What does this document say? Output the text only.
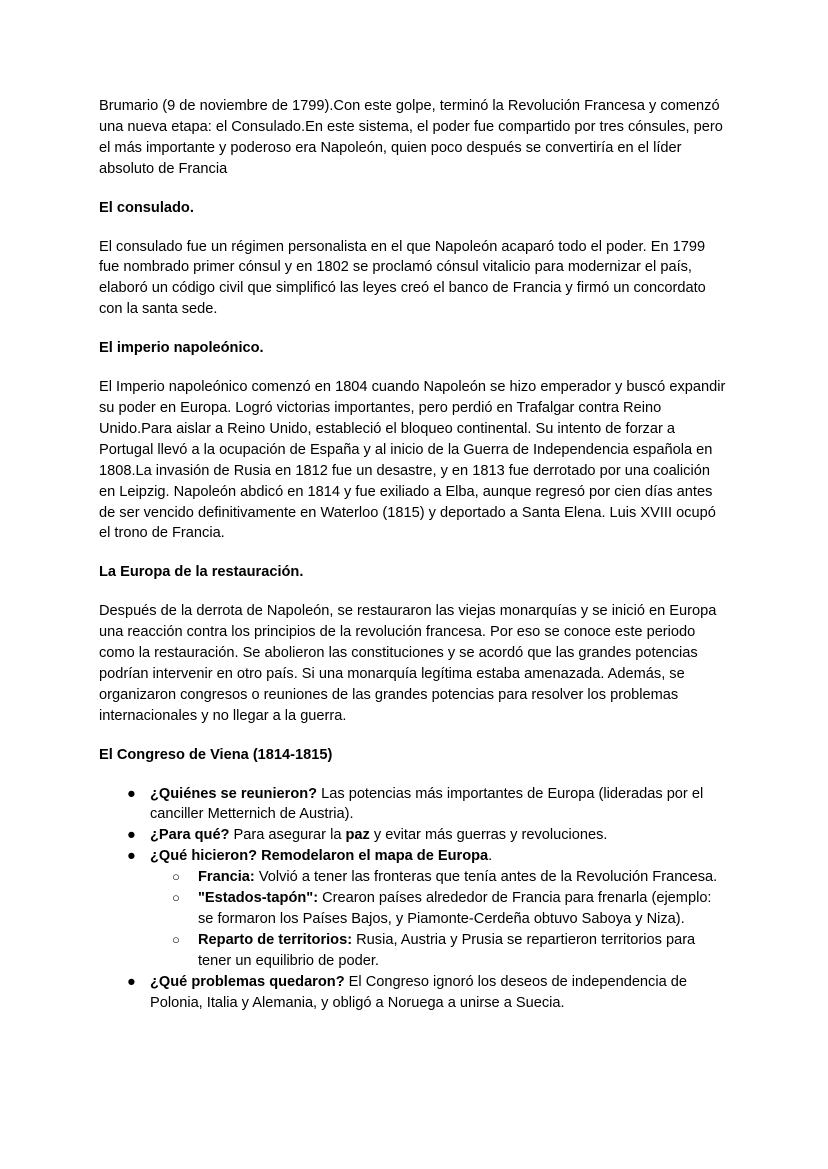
Brumario (9 de noviembre de 1799).Con este golpe, terminó la Revolución Francesa y comenzó una nueva etapa: el Consulado.En este sistema, el poder fue compartido por tres cónsules, pero el más importante y poderoso era Napoleón, quien poco después se convertiría en el líder absoluto de Francia

El consulado.

El consulado fue un régimen personalista en el que Napoleón acaparó todo el poder. En 1799 fue nombrado primer cónsul y en 1802 se proclamó cónsul vitalicio para modernizar el país, elaboró un código civil que simplificó las leyes creó el banco de Francia y firmó un concordato con la santa sede.

El imperio napoleónico.

El Imperio napoleónico comenzó en 1804 cuando Napoleón se hizo emperador y buscó expandir su poder en Europa. Logró victorias importantes, pero perdió en Trafalgar contra Reino Unido.Para aislar a Reino Unido, estableció el bloqueo continental. Su intento de forzar a Portugal llevó a la ocupación de España y al inicio de la Guerra de Independencia española en 1808.La invasión de Rusia en 1812 fue un desastre, y en 1813 fue derrotado por una coalición en Leipzig. Napoleón abdicó en 1814 y fue exiliado a Elba, aunque regresó por cien días antes de ser vencido definitivamente en Waterloo (1815) y deportado a Santa Elena. Luis XVIII ocupó el trono de Francia.

La Europa de la restauración.

Después de la derrota de Napoleón, se restauraron las viejas monarquías y se inició en Europa una reacción contra los principios de la revolución francesa. Por eso se conoce este periodo como la restauración. Se abolieron las constituciones y se acordó que las grandes potencias podrían intervenir en otro país. Si una monarquía legítima estaba amenazada. Además, se organizaron congresos o reuniones de las grandes potencias para resolver los problemas internacionales y no llegar a la guerra.

El Congreso de Viena (1814-1815)
● ¿Quiénes se reunieron? Las potencias más importantes de Europa (lideradas por el canciller Metternich de Austria).
● ¿Para qué? Para asegurar la paz y evitar más guerras y revoluciones.
● ¿Qué hicieron? Remodelaron el mapa de Europa.
○ Francia: Volvió a tener las fronteras que tenía antes de la Revolución Francesa.
○ "Estados-tapón": Crearon países alrededor de Francia para frenarla (ejemplo: se formaron los Países Bajos, y Piamonte-Cerdeña obtuvo Saboya y Niza).
○ Reparto de territorios: Rusia, Austria y Prusia se repartieron territorios para tener un equilibrio de poder.
● ¿Qué problemas quedaron? El Congreso ignoró los deseos de independencia de Polonia, Italia y Alemania, y obligó a Noruega a unirse a Suecia.
